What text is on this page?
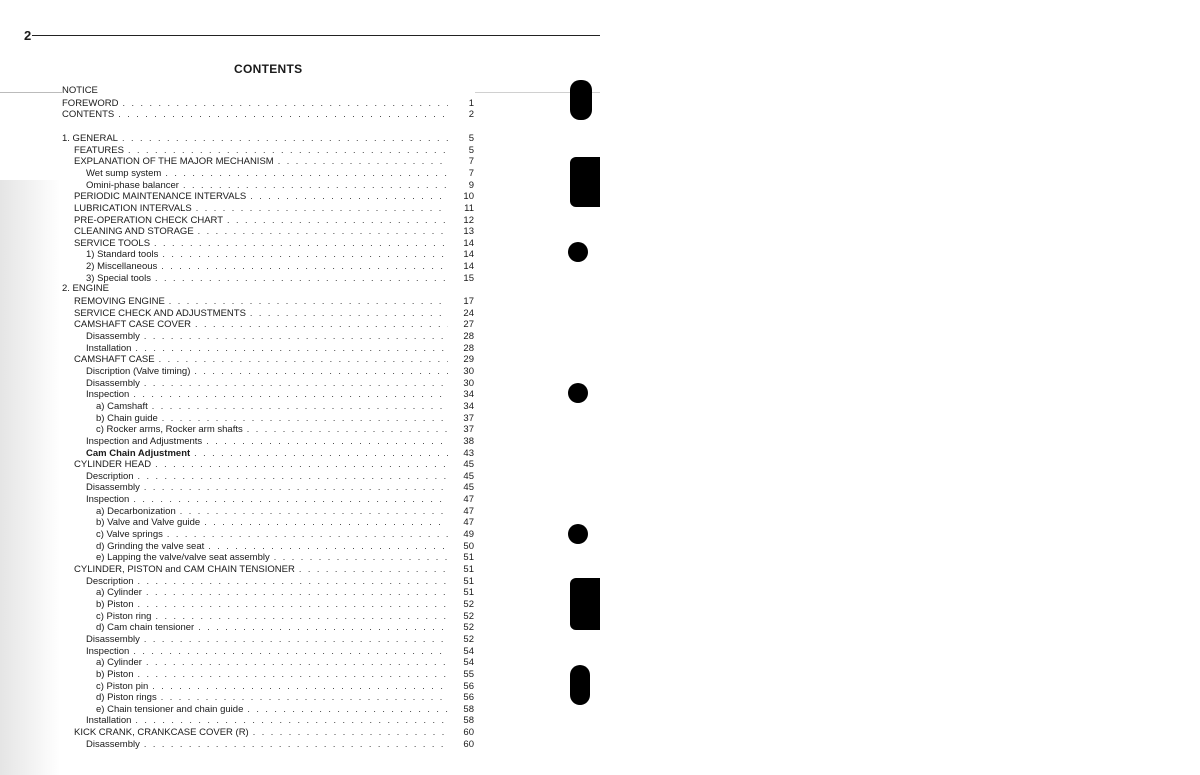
2
CONTENTS
NOTICE
FOREWORD . . .	1
CONTENTS . . .	2
1. GENERAL . . .	5
FEATURES . . .	5
EXPLANATION OF THE MAJOR MECHANISM . . .	7
Wet sump system . . .	7
Omini-phase balancer . . .	9
PERIODIC MAINTENANCE INTERVALS . . .	10
LUBRICATION INTERVALS . . .	11
PRE-OPERATION CHECK CHART . . .	12
CLEANING AND STORAGE . . .	13
SERVICE TOOLS . . .	14
1) Standard tools . . .	14
2) Miscellaneous . . .	14
3) Special tools . . .	15
2. ENGINE
REMOVING ENGINE . . .	17
SERVICE CHECK AND ADJUSTMENTS . . .	24
CAMSHAFT CASE COVER . . .	27
Disassembly . . .	28
Installation . . .	28
CAMSHAFT CASE . . .	29
Discription (Valve timing) . . .	30
Disassembly . . .	30
Inspection . . .	34
a) Camshaft . . .	34
b) Chain guide . . .	37
c) Rocker arms, Rocker arm shafts . . .	37
Inspection and Adjustments . . .	38
Cam Chain Adjustment . . .	43
CYLINDER HEAD . . .	45
Description . . .	45
Disassembly . . .	45
Inspection . . .	47
a) Decarbonization . . .	47
b) Valve and Valve guide . . .	47
c) Valve springs . . .	49
d) Grinding the valve seat . . .	50
e) Lapping the valve/valve seat assembly . . .	51
CYLINDER, PISTON and CAM CHAIN TENSIONER . . .	51
Description . . .	51
a) Cylinder . . .	51
b) Piston . . .	52
c) Piston ring . . .	52
d) Cam chain tensioner . . .	52
Disassembly . . .	52
Inspection . . .	54
a) Cylinder . . .	54
b) Piston . . .	55
c) Piston pin . . .	56
d) Piston rings . . .	56
e) Chain tensioner and chain guide . . .	58
Installation . . .	58
KICK CRANK, CRANKCASE COVER (R) . . .	60
Disassembly . . .	60
